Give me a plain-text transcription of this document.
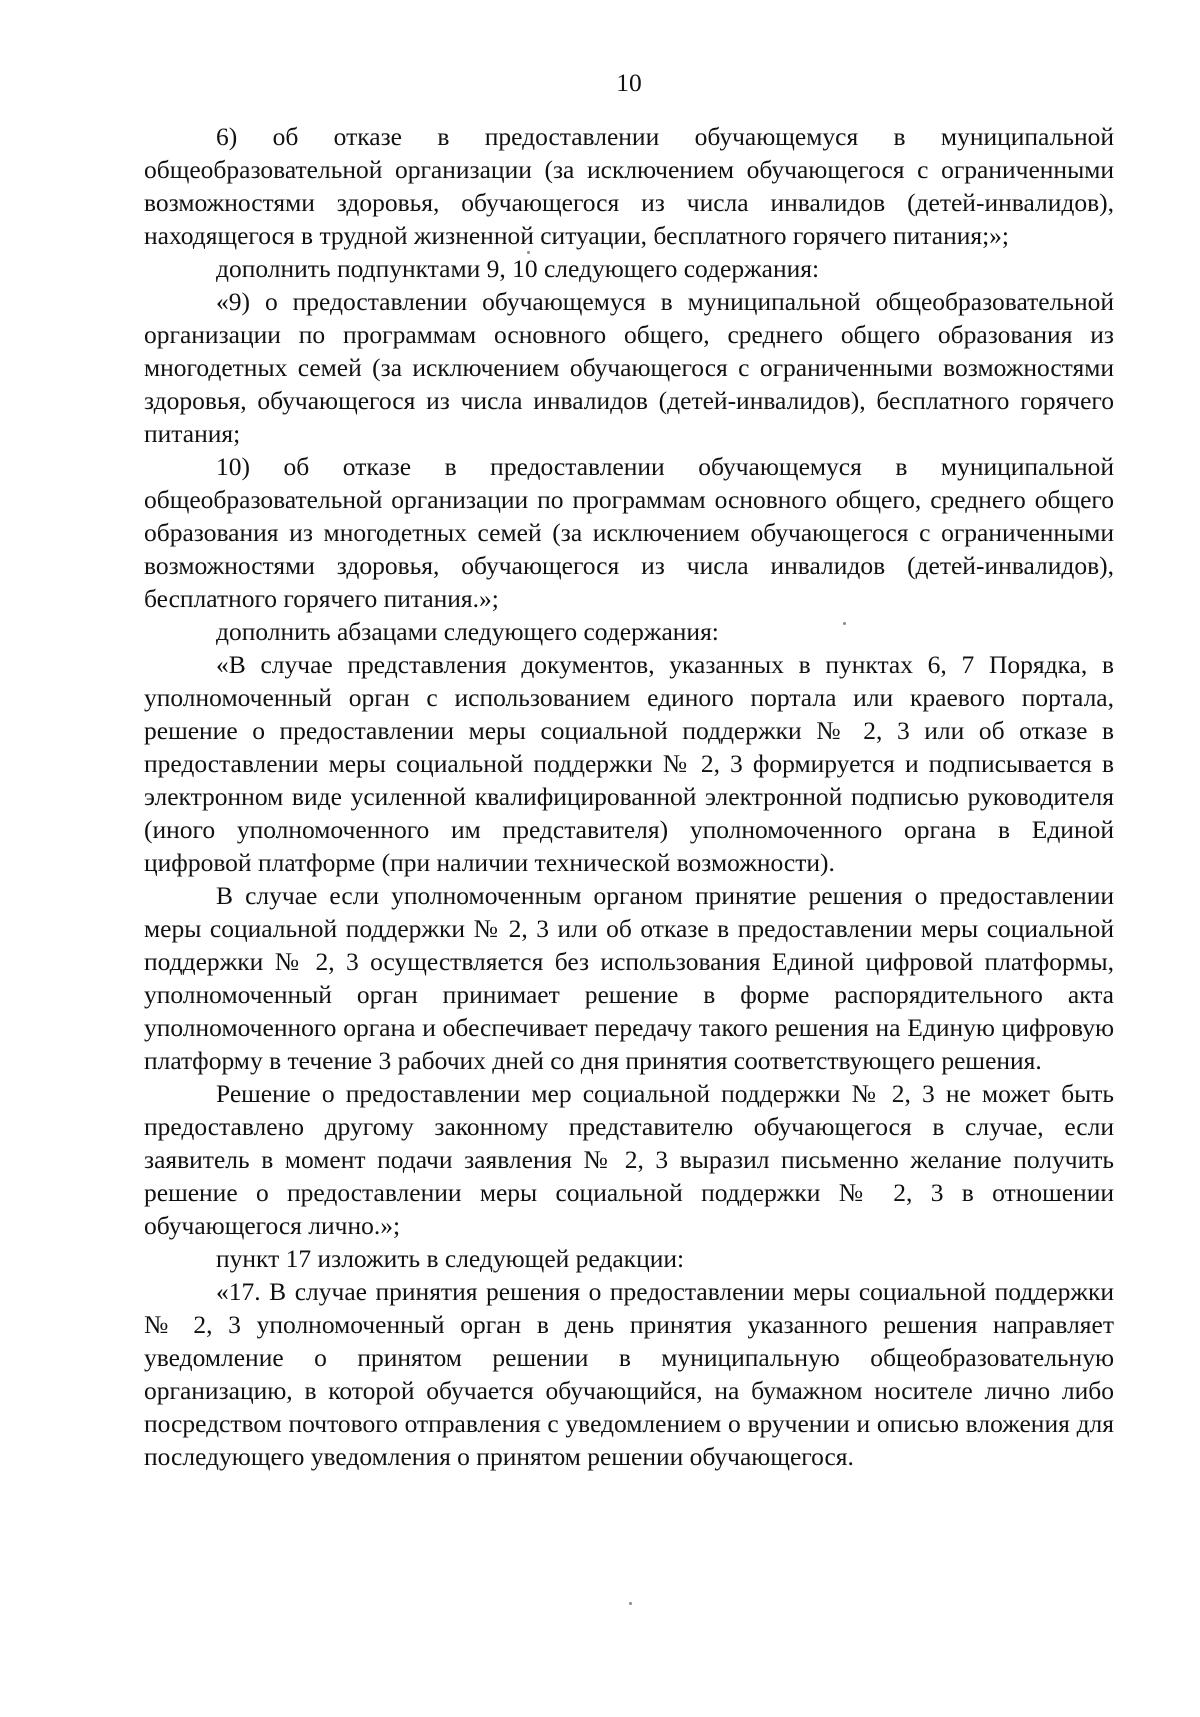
10

6) об отказе в предоставлении обучающемуся в муниципальной общеобразовательной организации (за исключением обучающегося с ограниченными возможностями здоровья, обучающегося из числа инвалидов (детей-инвалидов), находящегося в трудной жизненной ситуации, бесплатного горячего питания;»;

дополнить подпунктами 9, 10 следующего содержания:

«9) о предоставлении обучающемуся в муниципальной общеобразовательной организации по программам основного общего, среднего общего образования из многодетных семей (за исключением обучающегося с ограниченными возможностями здоровья, обучающегося из числа инвалидов (детей-инвалидов), бесплатного горячего питания;

10) об отказе в предоставлении обучающемуся в муниципальной общеобразовательной организации по программам основного общего, среднего общего образования из многодетных семей (за исключением обучающегося с ограниченными возможностями здоровья, обучающегося из числа инвалидов (детей-инвалидов), бесплатного горячего питания.»;

дополнить абзацами следующего содержания:

«В случае представления документов, указанных в пунктах 6, 7 Порядка, в уполномоченный орган с использованием единого портала или краевого портала, решение о предоставлении меры социальной поддержки № 2, 3 или об отказе в предоставлении меры социальной поддержки № 2, 3 формируется и подписывается в электронном виде усиленной квалифицированной электронной подписью руководителя (иного уполномоченного им представителя) уполномоченного органа в Единой цифровой платформе (при наличии технической возможности).

В случае если уполномоченным органом принятие решения о предоставлении меры социальной поддержки № 2, 3 или об отказе в предоставлении меры социальной поддержки № 2, 3 осуществляется без использования Единой цифровой платформы, уполномоченный орган принимает решение в форме распорядительного акта уполномоченного органа и обеспечивает передачу такого решения на Единую цифровую платформу в течение 3 рабочих дней со дня принятия соответствующего решения.

Решение о предоставлении мер социальной поддержки № 2, 3 не может быть предоставлено другому законному представителю обучающегося в случае, если заявитель в момент подачи заявления № 2, 3 выразил письменно желание получить решение о предоставлении меры социальной поддержки № 2, 3 в отношении обучающегося лично.»;

пункт 17 изложить в следующей редакции:

«17. В случае принятия решения о предоставлении меры социальной поддержки № 2, 3 уполномоченный орган в день принятия указанного решения направляет уведомление о принятом решении в муниципальную общеобразовательную организацию, в которой обучается обучающийся, на бумажном носителе лично либо посредством почтового отправления с уведомлением о вручении и описью вложения для последующего уведомления о принятом решении обучающегося.
